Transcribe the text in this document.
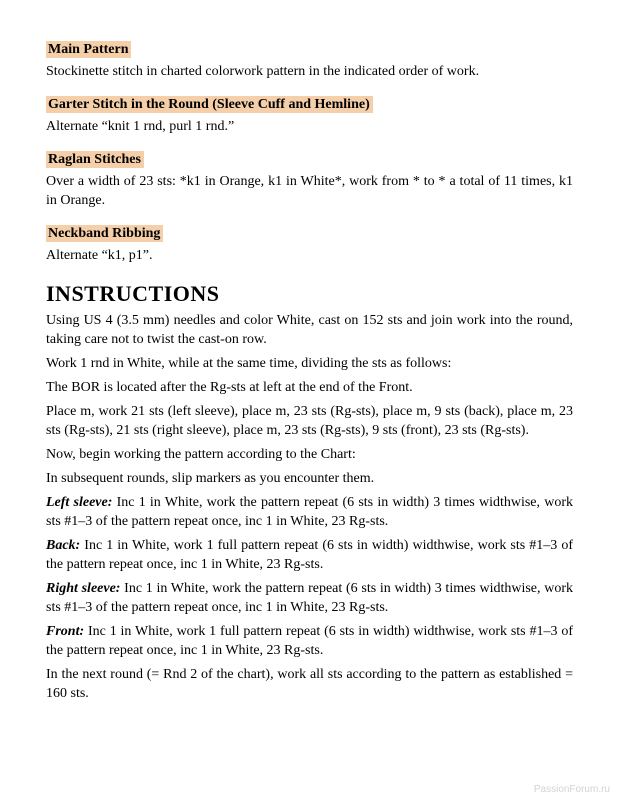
Main Pattern

Stockinette stitch in charted colorwork pattern in the indicated order of work.

Garter Stitch in the Round (Sleeve Cuff and Hemline)

Alternate “knit 1 rnd, purl 1 rnd.”

Raglan Stitches

Over a width of 23 sts: *k1 in Orange, k1 in White*, work from * to * a total of 11 times, k1 in Orange.

Neckband Ribbing

Alternate “k1, p1”.

INSTRUCTIONS

Using US 4 (3.5 mm) needles and color White, cast on 152 sts and join work into the round, taking care not to twist the cast-on row.

Work 1 rnd in White, while at the same time, dividing the sts as follows:

The BOR is located after the Rg-sts at left at the end of the Front.

Place m, work 21 sts (left sleeve), place m, 23 sts (Rg-sts), place m, 9 sts (back), place m, 23 sts (Rg-sts), 21 sts (right sleeve), place m, 23 sts (Rg-sts), 9 sts (front), 23 sts (Rg-sts).

Now, begin working the pattern according to the Chart:

In subsequent rounds, slip markers as you encounter them.

Left sleeve: Inc 1 in White, work the pattern repeat (6 sts in width) 3 times widthwise, work sts #1–3 of the pattern repeat once, inc 1 in White, 23 Rg-sts.

Back: Inc 1 in White, work 1 full pattern repeat (6 sts in width) widthwise, work sts #1–3 of the pattern repeat once, inc 1 in White, 23 Rg-sts.

Right sleeve: Inc 1 in White, work the pattern repeat (6 sts in width) 3 times widthwise, work sts #1–3 of the pattern repeat once, inc 1 in White, 23 Rg-sts.

Front: Inc 1 in White, work 1 full pattern repeat (6 sts in width) widthwise, work sts #1–3 of the pattern repeat once, inc 1 in White, 23 Rg-sts.

In the next round (= Rnd 2 of the chart), work all sts according to the pattern as established = 160 sts.

PassionForum.ru
